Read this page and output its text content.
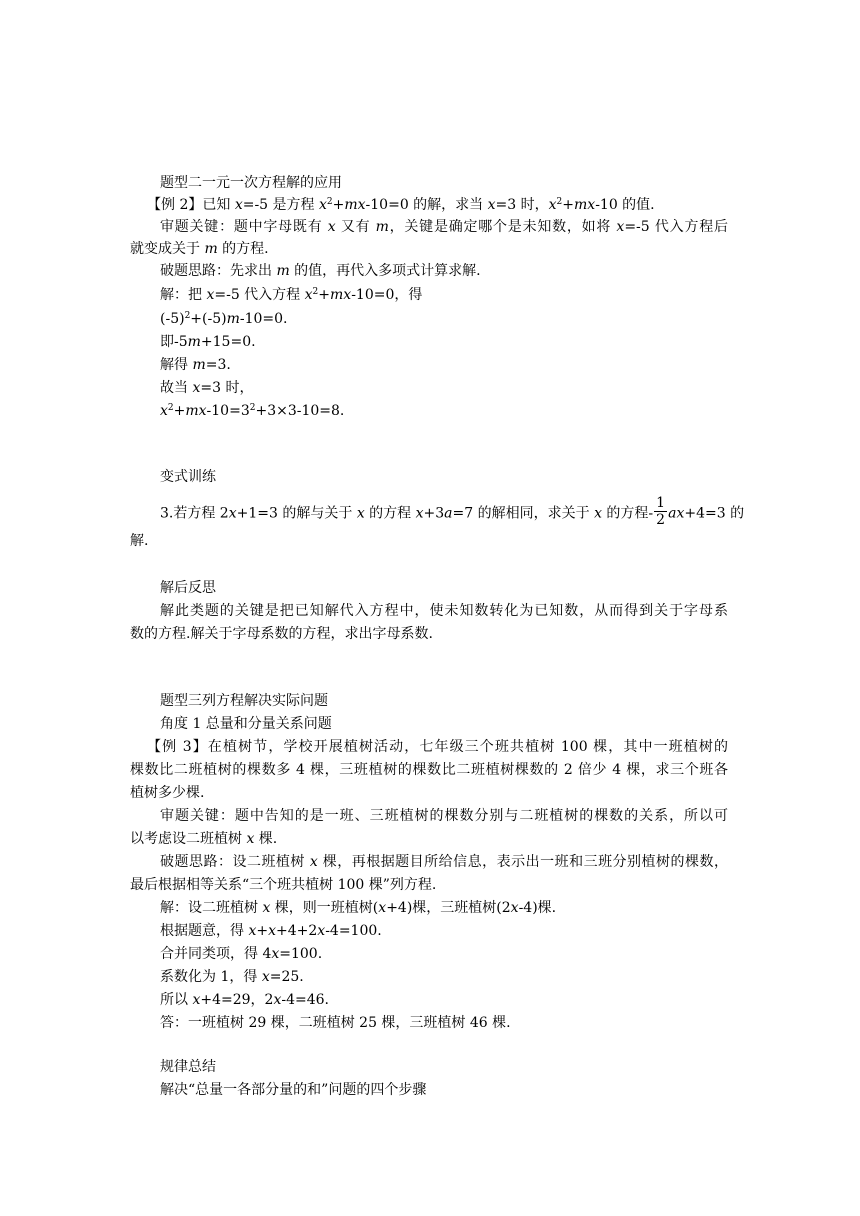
题型二一元一次方程解的应用
【例 2】已知 x=-5 是方程 $x^2+mx-10=0$ 的解，求当 x=3 时，$x^2+mx-10$ 的值.
审题关键：题中字母既有 x 又有 m，关键是确定哪个是未知数，如将 x=-5 代入方程后
就变成关于 m 的方程.
破题思路：先求出 m 的值，再代入多项式计算求解.
解：把 x=-5 代入方程 $x^2+mx-10=0$，得
$(-5)^2+(-5)m-10=0$.
即-5m+15=0.
解得 m=3.
故当 x=3 时，
$x^2+mx-10=3^2+3\times 3-10=8$.
变式训练
3.若方程 2x+1=3 的解与关于 x 的方程 x+3a=7 的解相同，求关于 x 的方程- $\frac{1}{2} ax+4=3$ 的
解.
解后反思
解此类题的关键是把已知解代入方程中，使未知数转化为已知数，从而得到关于字母系
数的方程.解关于字母系数的方程，求出字母系数.
题型三列方程解决实际问题
角度 1 总量和分量关系问题
【例 3】在植树节，学校开展植树活动，七年级三个班共植树 100 棵，其中一班植树的
棵数比二班植树的棵数多 4 棵，三班植树的棵数比二班植树棵数的 2 倍少 4 棵，求三个班各
植树多少棵.
审题关键：题中告知的是一班、三班植树的棵数分别与二班植树的棵数的关系，所以可
以考虑设二班植树 x 棵.
破题思路：设二班植树 x 棵，再根据题目所给信息，表示出一班和三班分别植树的棵数，
最后根据相等关系“三个班共植树 100 棵”列方程.
解：设二班植树 x 棵，则一班植树(x+4)棵，三班植树(2x-4)棵.
根据题意，得 x+x+4+2x-4=100.
合并同类项，得 4x=100.
系数化为 1，得 x=25.
所以 x+4=29，2x-4=46.
答：一班植树 29 棵，二班植树 25 棵，三班植树 46 棵.
规律总结
解决“总量一各部分量的和”问题的四个步骤
